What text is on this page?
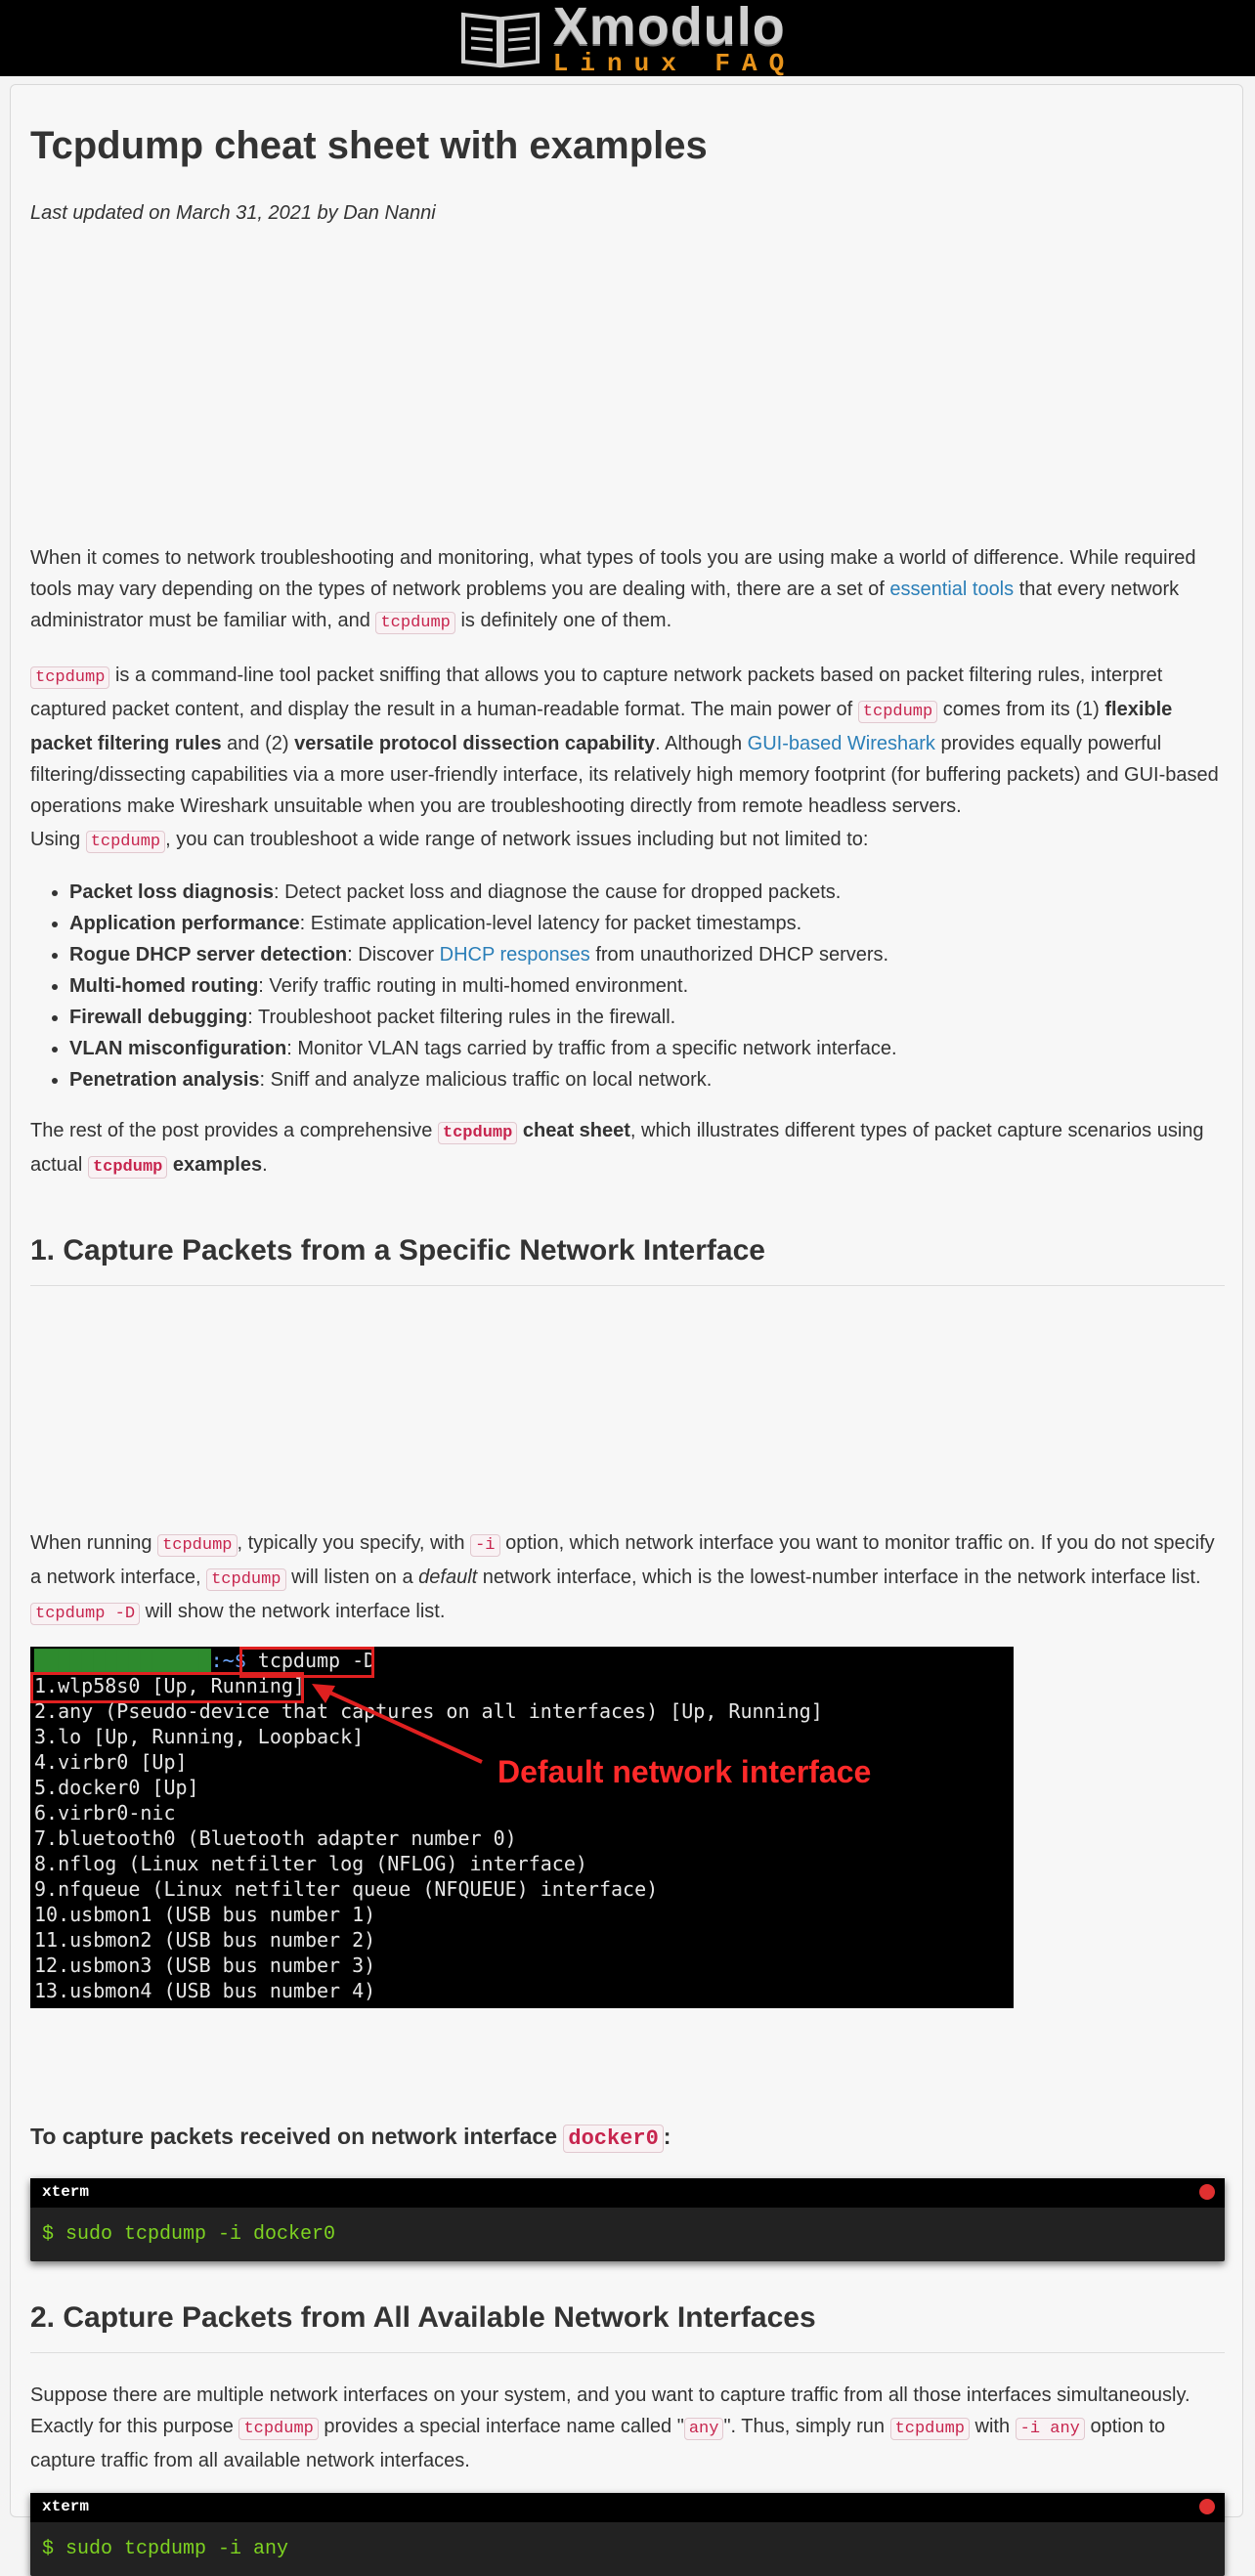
Xmodulo
Linux FAQ
Tcpdump cheat sheet with examples
Last updated on March 31, 2021 by Dan Nanni

When it comes to network troubleshooting and monitoring, what types of tools you are using make a world of difference. While required tools may vary depending on the types of network problems you are dealing with, there are a set of essential tools that every network administrator must be familiar with, and tcpdump is definitely one of them.

tcpdump is a command-line tool packet sniffing that allows you to capture network packets based on packet filtering rules, interpret captured packet content, and display the result in a human-readable format. The main power of tcpdump comes from its (1) flexible packet filtering rules and (2) versatile protocol dissection capability. Although GUI-based Wireshark provides equally powerful filtering/dissecting capabilities via a more user-friendly interface, its relatively high memory footprint (for buffering packets) and GUI-based operations make Wireshark unsuitable when you are troubleshooting directly from remote headless servers.

Using tcpdump , you can troubleshoot a wide range of network issues including but not limited to:

• Packet loss diagnosis: Detect packet loss and diagnose the cause for dropped packets.
• Application performance: Estimate application-level latency for packet timestamps.
• Rogue DHCP server detection: Discover DHCP responses from unauthorized DHCP servers.
• Multi-homed routing: Verify traffic routing in multi-homed environment.
• Firewall debugging: Troubleshoot packet filtering rules in the firewall.
• VLAN misconfiguration: Monitor VLAN tags carried by traffic from a specific network interface.
• Penetration analysis: Sniff and analyze malicious traffic on local network.

The rest of the post provides a comprehensive tcpdump cheat sheet, which illustrates different types of packet capture scenarios using actual tcpdump examples.

1. Capture Packets from a Specific Network Interface

When running tcpdump , typically you specify, with -i option, which network interface you want to monitor traffic on. If you do not specify a network interface, tcpdump will listen on a default network interface, which is the lowest-number interface in the network interface list. tcpdump -D will show the network interface list.

███████████████:~$ tcpdump -D
1.wlp58s0 [Up, Running]
2.any (Pseudo-device that captures on all interfaces) [Up, Running]
3.lo [Up, Running, Loopback]
4.virbr0 [Up]
5.docker0 [Up]
6.virbr0-nic
7.bluetooth0 (Bluetooth adapter number 0)
8.nflog (Linux netfilter log (NFLOG) interface)
9.nfqueue (Linux netfilter queue (NFQUEUE) interface)
10.usbmon1 (USB bus number 1)
11.usbmon2 (USB bus number 2)
12.usbmon3 (USB bus number 3)
13.usbmon4 (USB bus number 4)
Default network interface
To capture packets received on network interface docker0 :
xterm
$ sudo tcpdump -i docker0
2. Capture Packets from All Available Network Interfaces

Suppose there are multiple network interfaces on your system, and you want to capture traffic from all those interfaces simultaneously. Exactly for this purpose tcpdump provides a special interface name called " any ". Thus, simply run tcpdump with -i any option to capture traffic from all available network interfaces.

xterm
$ sudo tcpdump -i any
